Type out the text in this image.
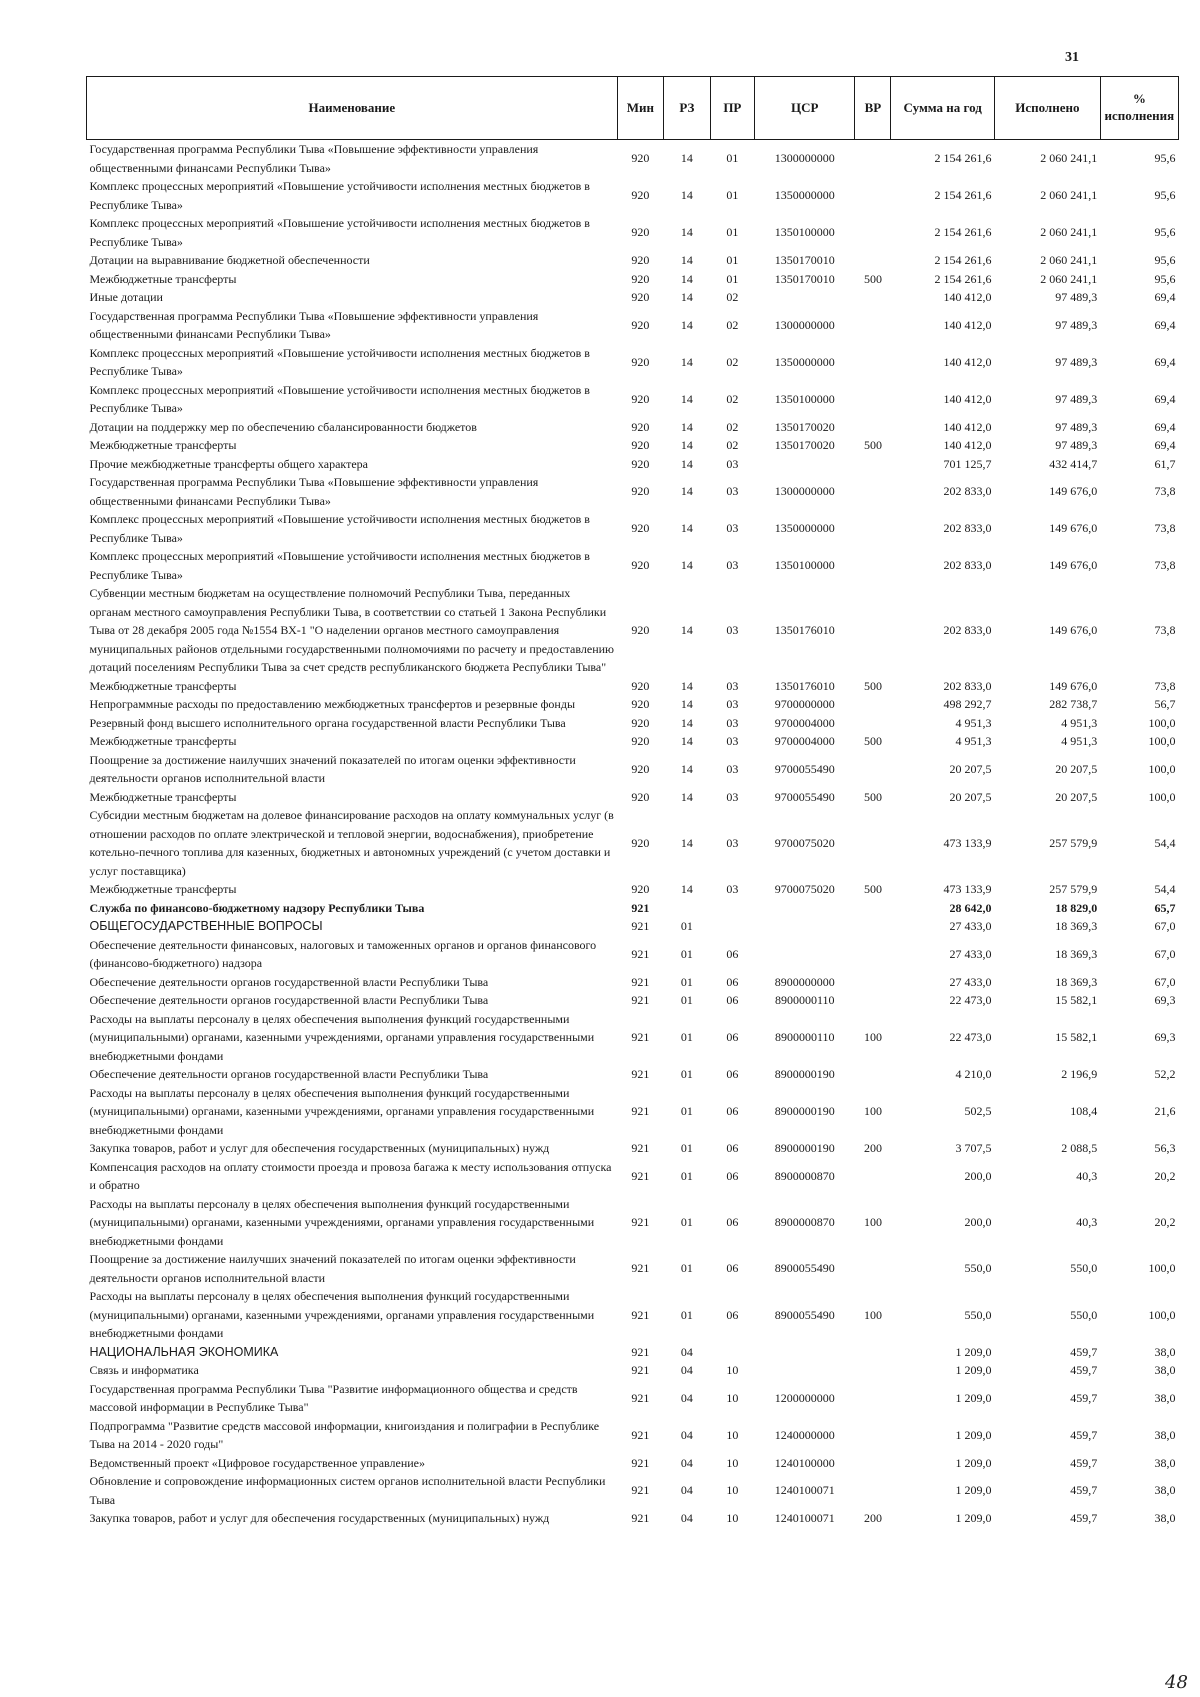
31
Наименование	Мин	РЗ	ПР	ЦСР	ВР	Сумма на год	Исполнено	% исполнения
Государственная программа Республики Тыва «Повышение эффективности управления общественными финансами Республики Тыва»	920	14	01	1300000000		2 154 261,6	2 060 241,1	95,6
Комплекс процессных мероприятий «Повышение устойчивости исполнения местных бюджетов в Республике Тыва»	920	14	01	1350000000		2 154 261,6	2 060 241,1	95,6
Комплекс процессных мероприятий «Повышение устойчивости исполнения местных бюджетов в Республике Тыва»	920	14	01	1350100000		2 154 261,6	2 060 241,1	95,6
Дотации на выравнивание бюджетной обеспеченности	920	14	01	1350170010		2 154 261,6	2 060 241,1	95,6
Межбюджетные трансферты	920	14	01	1350170010	500	2 154 261,6	2 060 241,1	95,6
Иные дотации	920	14	02			140 412,0	97 489,3	69,4
Государственная программа Республики Тыва «Повышение эффективности управления общественными финансами Республики Тыва»	920	14	02	1300000000		140 412,0	97 489,3	69,4
Комплекс процессных мероприятий «Повышение устойчивости исполнения местных бюджетов в Республике Тыва»	920	14	02	1350000000		140 412,0	97 489,3	69,4
Комплекс процессных мероприятий «Повышение устойчивости исполнения местных бюджетов в Республике Тыва»	920	14	02	1350100000		140 412,0	97 489,3	69,4
Дотации на поддержку мер по обеспечению сбалансированности бюджетов	920	14	02	1350170020		140 412,0	97 489,3	69,4
Межбюджетные трансферты	920	14	02	1350170020	500	140 412,0	97 489,3	69,4
Прочие межбюджетные трансферты общего характера	920	14	03			701 125,7	432 414,7	61,7
Государственная программа Республики Тыва «Повышение эффективности управления общественными финансами Республики Тыва»	920	14	03	1300000000		202 833,0	149 676,0	73,8
Комплекс процессных мероприятий «Повышение устойчивости исполнения местных бюджетов в Республике Тыва»	920	14	03	1350000000		202 833,0	149 676,0	73,8
Комплекс процессных мероприятий «Повышение устойчивости исполнения местных бюджетов в Республике Тыва»	920	14	03	1350100000		202 833,0	149 676,0	73,8
Субвенции местным бюджетам на осуществление полномочий Республики Тыва, переданных органам местного самоуправления Республики Тыва, в соответствии со статьей 1 Закона Республики Тыва от 28 декабря 2005 года №1554 ВХ-1 "О наделении органов местного самоуправления муниципальных районов отдельными государственными полномочиями по расчету и предоставлению дотаций поселениям Республики Тыва за счет средств республиканского бюджета Республики Тыва"	920	14	03	1350176010		202 833,0	149 676,0	73,8
Межбюджетные трансферты	920	14	03	1350176010	500	202 833,0	149 676,0	73,8
Непрограммные расходы по предоставлению межбюджетных трансфертов и резервные фонды	920	14	03	9700000000		498 292,7	282 738,7	56,7
Резервный фонд высшего исполнительного органа государственной власти Республики Тыва	920	14	03	9700004000		4 951,3	4 951,3	100,0
Межбюджетные трансферты	920	14	03	9700004000	500	4 951,3	4 951,3	100,0
Поощрение за достижение наилучших значений показателей по итогам оценки эффективности деятельности органов исполнительной власти	920	14	03	9700055490		20 207,5	20 207,5	100,0
Межбюджетные трансферты	920	14	03	9700055490	500	20 207,5	20 207,5	100,0
Субсидии местным бюджетам на долевое финансирование расходов на оплату коммунальных услуг (в отношении расходов по оплате электрической и тепловой энергии, водоснабжения), приобретение котельно-печного топлива для казенных, бюджетных и автономных учреждений (с учетом доставки и услуг поставщика)	920	14	03	9700075020		473 133,9	257 579,9	54,4
Межбюджетные трансферты	920	14	03	9700075020	500	473 133,9	257 579,9	54,4
Служба по финансово-бюджетному надзору Республики Тыва	921					28 642,0	18 829,0	65,7
ОБЩЕГОСУДАРСТВЕННЫЕ ВОПРОСЫ	921	01				27 433,0	18 369,3	67,0
Обеспечение деятельности финансовых, налоговых и таможенных органов и органов финансового (финансово-бюджетного) надзора	921	01	06			27 433,0	18 369,3	67,0
Обеспечение деятельности органов государственной власти Республики Тыва	921	01	06	8900000000		27 433,0	18 369,3	67,0
Обеспечение деятельности органов государственной власти Республики Тыва	921	01	06	8900000110		22 473,0	15 582,1	69,3
Расходы на выплаты персоналу в целях обеспечения выполнения функций государственными (муниципальными) органами, казенными учреждениями, органами управления государственными внебюджетными фондами	921	01	06	8900000110	100	22 473,0	15 582,1	69,3
Обеспечение деятельности органов государственной власти Республики Тыва	921	01	06	8900000190		4 210,0	2 196,9	52,2
Расходы на выплаты персоналу в целях обеспечения выполнения функций государственными (муниципальными) органами, казенными учреждениями, органами управления государственными внебюджетными фондами	921	01	06	8900000190	100	502,5	108,4	21,6
Закупка товаров, работ и услуг для обеспечения государственных (муниципальных) нужд	921	01	06	8900000190	200	3 707,5	2 088,5	56,3
Компенсация расходов на оплату стоимости проезда и провоза багажа к месту использования отпуска и обратно	921	01	06	8900000870		200,0	40,3	20,2
Расходы на выплаты персоналу в целях обеспечения выполнения функций государственными (муниципальными) органами, казенными учреждениями, органами управления государственными внебюджетными фондами	921	01	06	8900000870	100	200,0	40,3	20,2
Поощрение за достижение наилучших значений показателей по итогам оценки эффективности деятельности органов исполнительной власти	921	01	06	8900055490		550,0	550,0	100,0
Расходы на выплаты персоналу в целях обеспечения выполнения функций государственными (муниципальными) органами, казенными учреждениями, органами управления государственными внебюджетными фондами	921	01	06	8900055490	100	550,0	550,0	100,0
НАЦИОНАЛЬНАЯ ЭКОНОМИКА	921	04				1 209,0	459,7	38,0
Связь и информатика	921	04	10			1 209,0	459,7	38,0
Государственная программа Республики Тыва "Развитие информационного общества и средств массовой информации в Республике Тыва"	921	04	10	1200000000		1 209,0	459,7	38,0
Подпрограмма "Развитие средств массовой информации, книгоиздания и полиграфии в Республике Тыва на 2014 - 2020 годы"	921	04	10	1240000000		1 209,0	459,7	38,0
Ведомственный проект «Цифровое государственное управление»	921	04	10	1240100000		1 209,0	459,7	38,0
Обновление и сопровождение информационных систем органов исполнительной власти Республики Тыва	921	04	10	1240100071		1 209,0	459,7	38,0
Закупка товаров, работ и услуг для обеспечения государственных (муниципальных) нужд	921	04	10	1240100071	200	1 209,0	459,7	38,0
48
